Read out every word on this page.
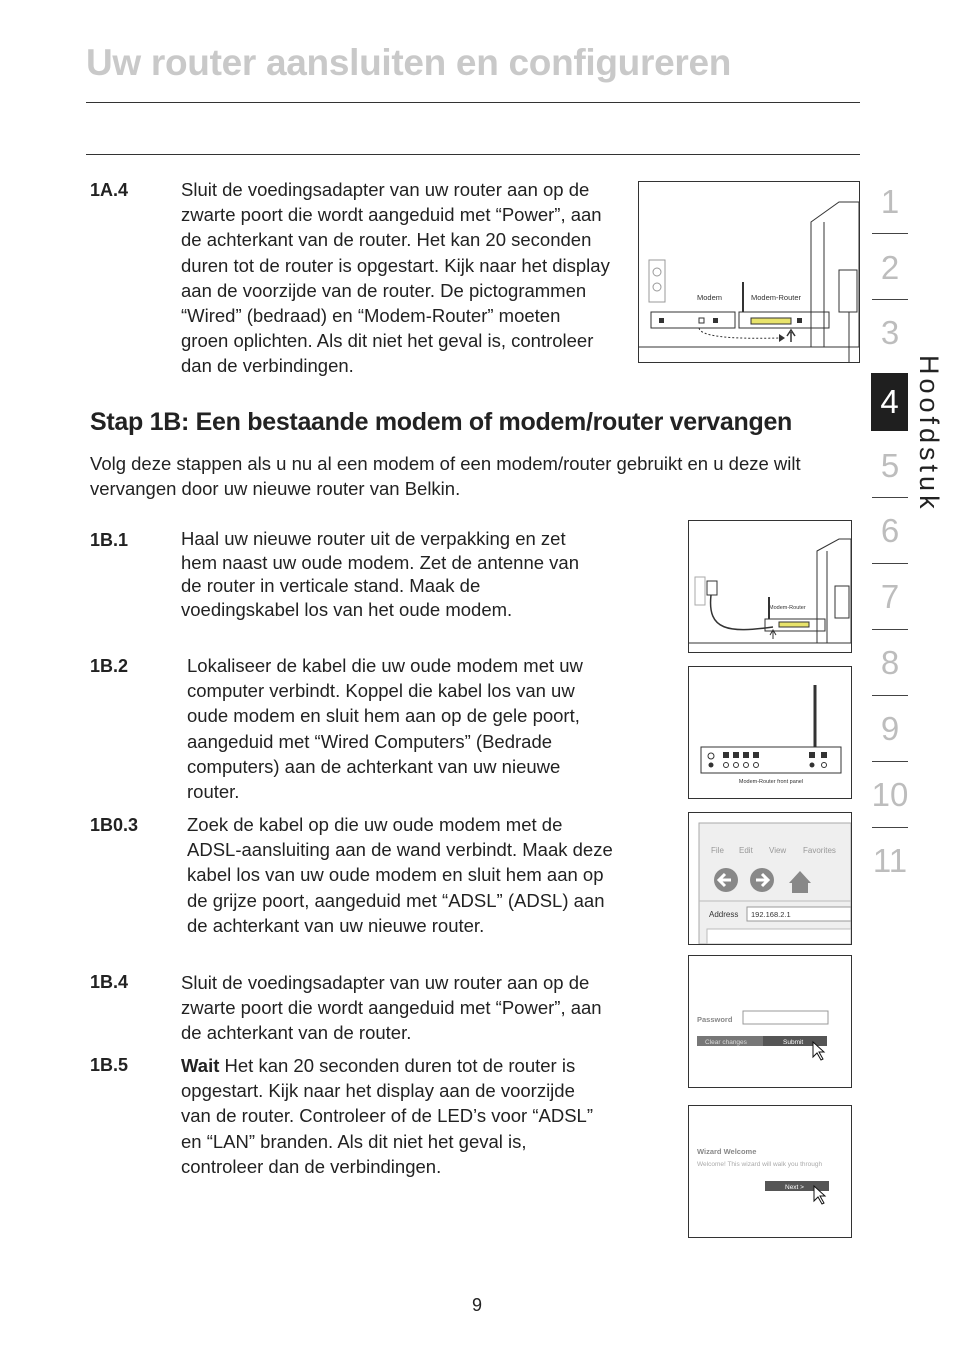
Uw router aansluiten en configureren
1A.4	Sluit de voedingsadapter van uw router aan op de zwarte poort die wordt aangeduid met “Power”, aan de achterkant van de router. Het kan 20 seconden duren tot de router is opgestart. Kijk naar het display aan de voorzijde van de router. De pictogrammen “Wired” (bedraad) en “Modem-Router” moeten groen oplichten. Als dit niet het geval is, controleer dan de verbindingen.
Modem	Modem-Router
Stap 1B: Een bestaande modem of modem/router vervangen
Volg deze stappen als u nu al een modem of een modem/router gebruikt en u deze wilt vervangen door uw nieuwe router van Belkin.
1B.1	Haal uw nieuwe router uit de verpakking en zet hem naast uw oude modem. Zet de antenne van de router in verticale stand. Maak de voedingskabel los van het oude modem.
1B.2	Lokaliseer de kabel die uw oude modem met uw computer verbindt. Koppel die kabel los van uw oude modem en sluit hem aan op de gele poort, aangeduid met “Wired Computers” (Bedrade computers) aan de achterkant van uw nieuwe router.
1B0.3	Zoek de kabel op die uw oude modem met de ADSL-aansluiting aan de wand verbindt. Maak deze kabel los van uw oude modem en sluit hem aan op de grijze poort, aangeduid met “ADSL” (ADSL) aan de achterkant van uw nieuwe router.
1B.4	Sluit de voedingsadapter van uw router aan op de zwarte poort die wordt aangeduid met “Power”, aan de achterkant van de router.
1B.5	Wait Het kan 20 seconden duren tot de router is opgestart. Kijk naar het display aan de voorzijde van de router. Controleer of de LED’s voor “ADSL” en “LAN” branden. Als dit niet het geval is, controleer dan de verbindingen.
Modem-Router
Modem-Router front panel
File Edit View Favorites
Address 192.168.2.1
Password
Clear changes	Submit
Wizard Welcome
Welcome! This wizard will walk you through
Next >
1
2
3
4
5
6
7
8
9
10
11
Hoofdstuk
9
